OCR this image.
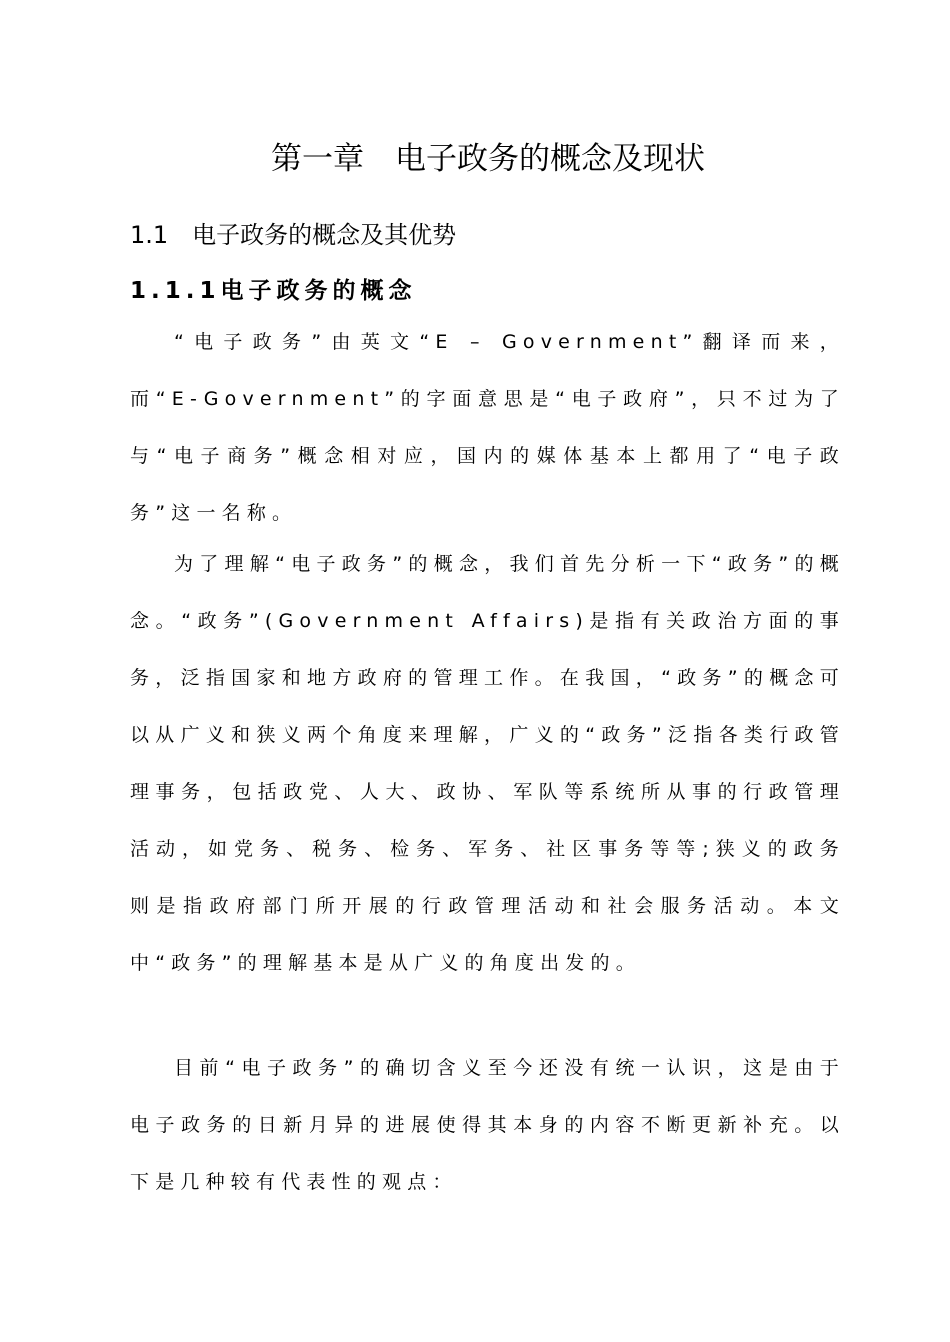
第一章　电子政务的概念及现状
1.1　电子政务的概念及其优势
1.1.1电子政务的概念

“电子政务”由英文“E – Government”翻译而来，而“E-Government”的字面意思是“电子政府”，只不过为了与“电子商务”概念相对应，国内的媒体基本上都用了“电子政务”这一名称。

为了理解“电子政务”的概念，我们首先分析一下“政务”的概念。“政务”(Government Affairs)是指有关政治方面的事务，泛指国家和地方政府的管理工作。在我国，“政务”的概念可以从广义和狭义两个角度来理解，广义的“政务”泛指各类行政管理事务，包括政党、人大、政协、军队等系统所从事的行政管理活动，如党务、税务、检务、军务、社区事务等等;狭义的政务则是指政府部门所开展的行政管理活动和社会服务活动。本文中“政务”的理解基本是从广义的角度出发的。

目前“电子政务”的确切含义至今还没有统一认识，这是由于电子政务的日新月异的进展使得其本身的内容不断更新补充。以下是几种较有代表性的观点：
